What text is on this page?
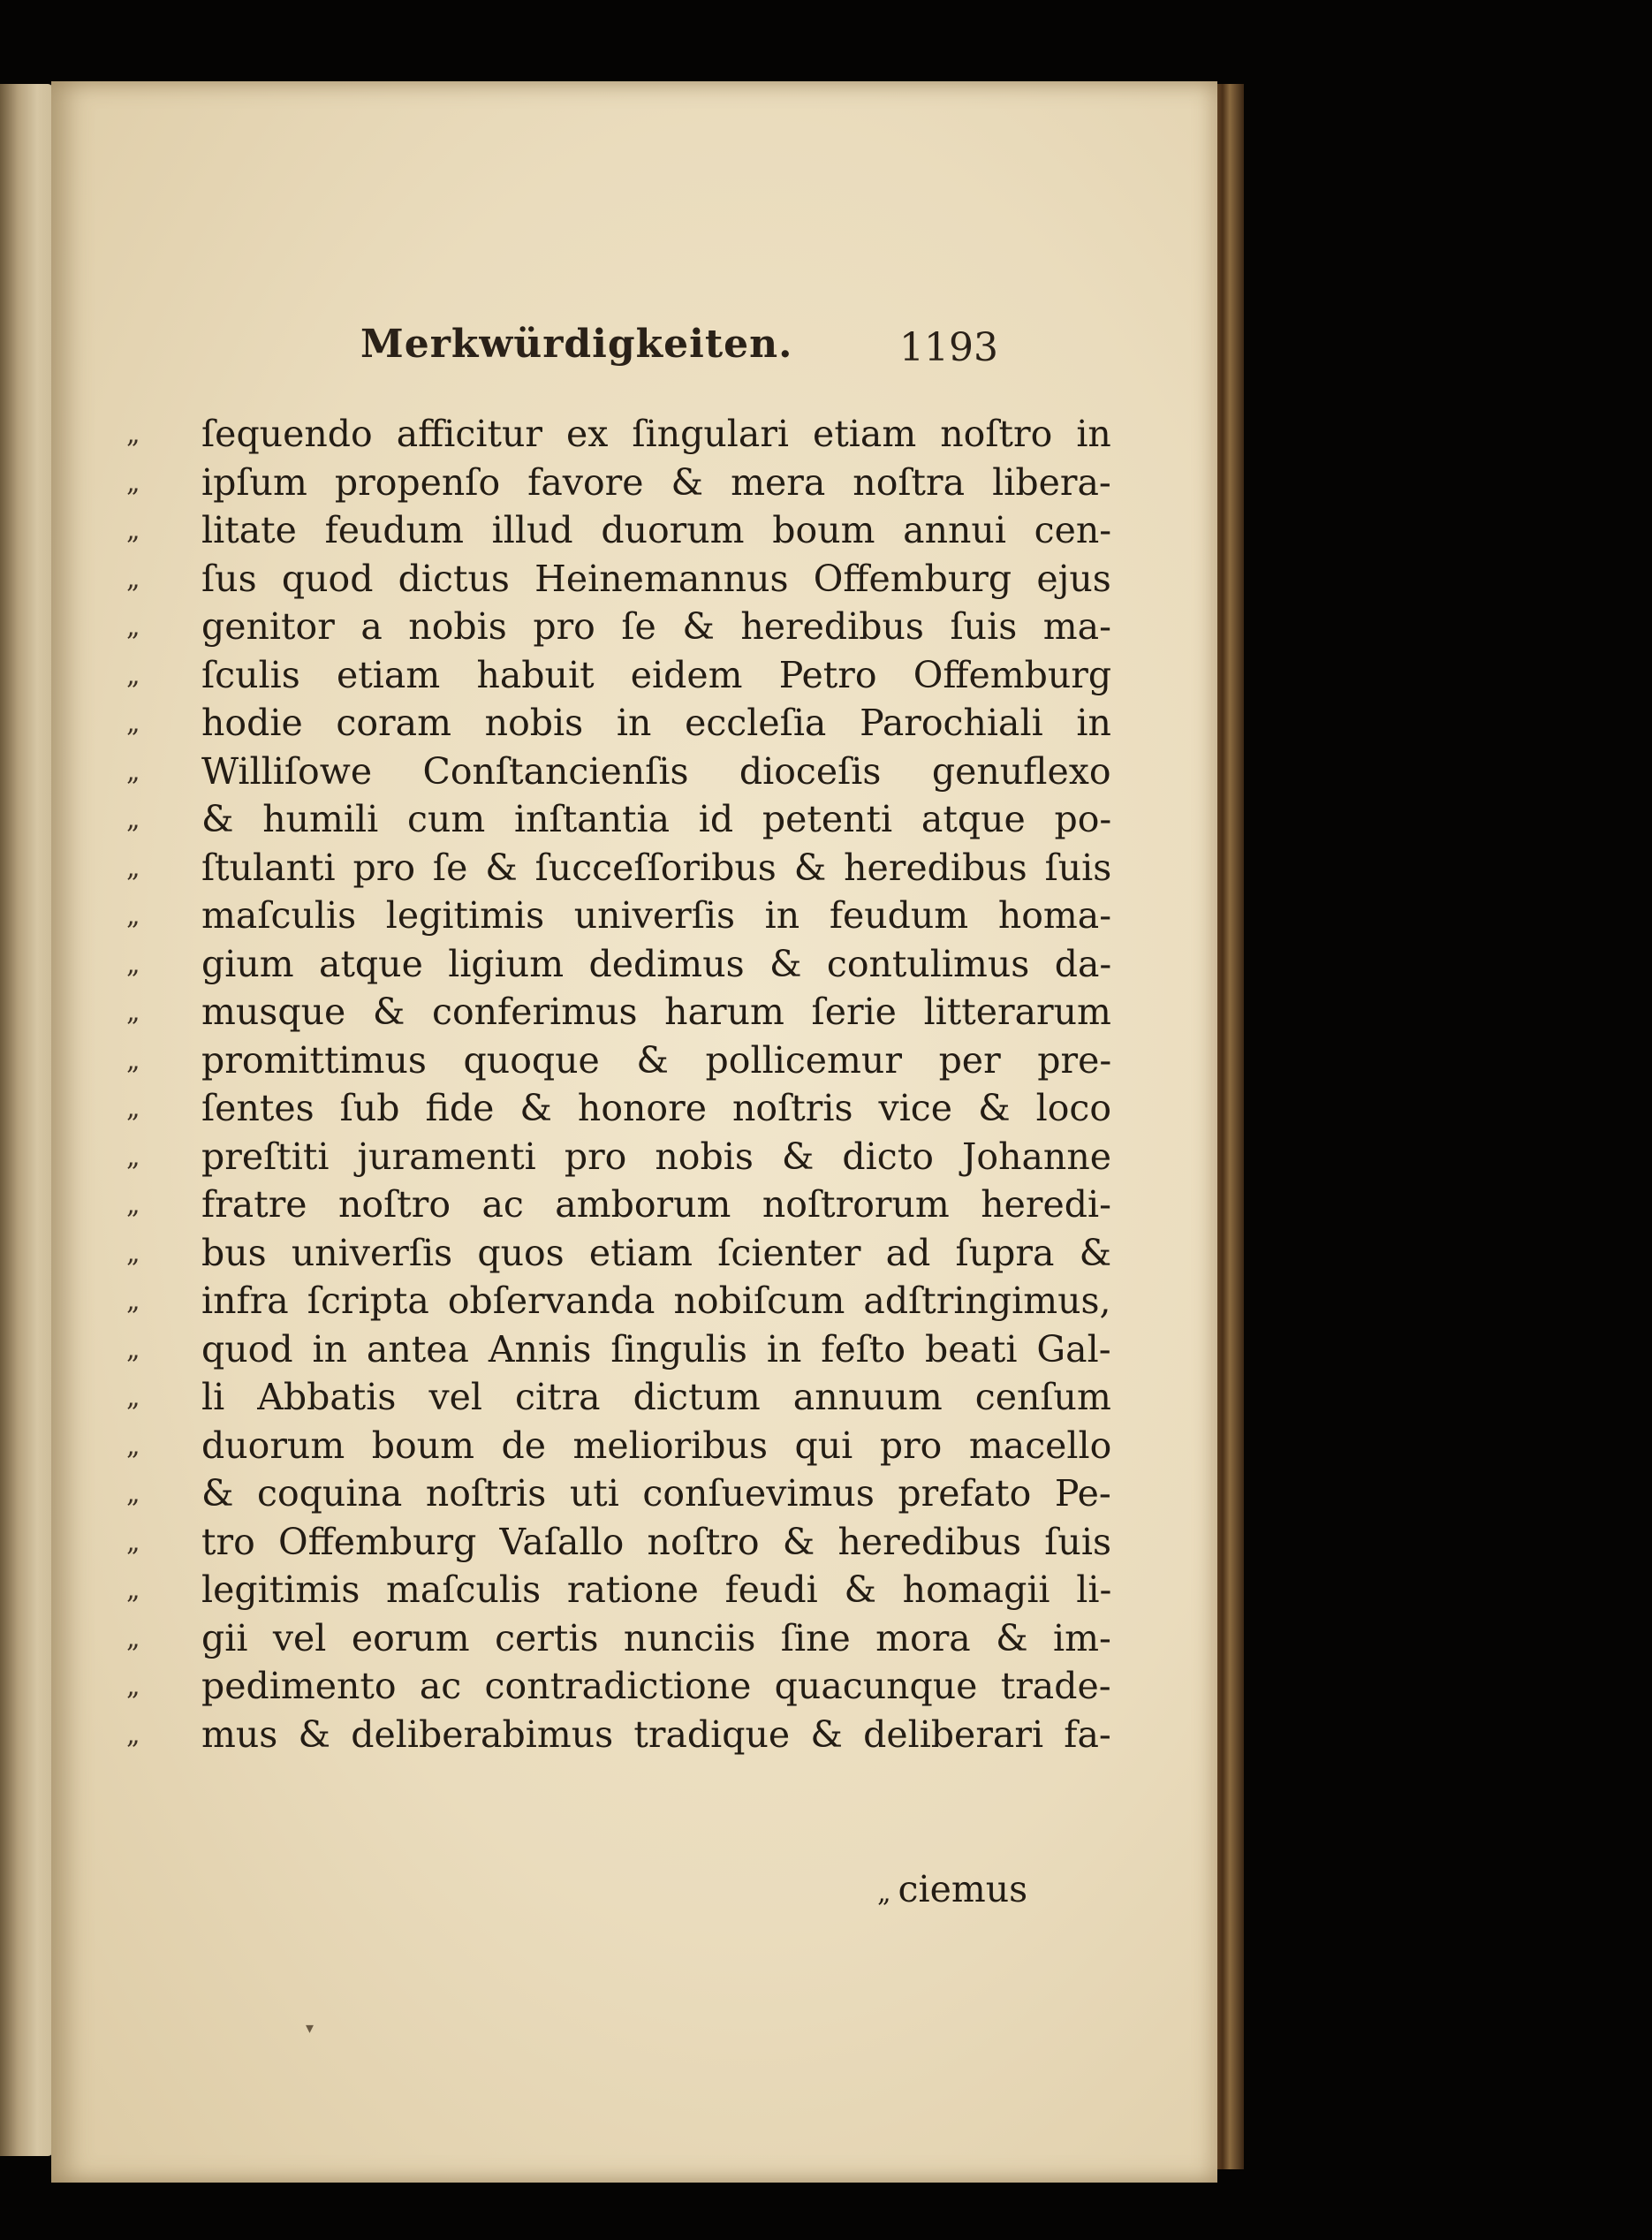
Merkwürdigkeiten.	1193
„	ſequendo afficitur ex ſingulari etiam noſtro in
„	ipſum propenſo favore & mera noſtra libera-
„	litate feudum illud duorum boum annui cen-
„	ſus quod dictus Heinemannus Offemburg ejus
„	genitor a nobis pro ſe & heredibus ſuis ma-
„	ſculis etiam habuit eidem Petro Offemburg
„	hodie coram nobis in eccleſia Parochiali in
„	Williſowe Conſtancienſis dioceſis genuflexo
„	& humili cum inſtantia id petenti atque po-
„	ſtulanti pro ſe & ſucceſſoribus & heredibus ſuis
„	maſculis legitimis univerſis in feudum homa-
„	gium atque ligium dedimus & contulimus da-
„	musque & conferimus harum ſerie litterarum
„	promittimus quoque & pollicemur per pre-
„	ſentes ſub fide & honore noſtris vice & loco
„	preſtiti juramenti pro nobis & dicto Johanne
„	fratre noſtro ac amborum noſtrorum heredi-
„	bus univerſis quos etiam ſcienter ad ſupra &
„	infra ſcripta obſervanda nobiſcum adſtringimus,
„	quod in antea Annis ſingulis in feſto beati Gal-
„	li Abbatis vel citra dictum annuum cenſum
„	duorum boum de melioribus qui pro macello
„	& coquina noſtris uti conſuevimus prefato Pe-
„	tro Offemburg Vaſallo noſtro & heredibus ſuis
„	legitimis maſculis ratione feudi & homagii li-
„	gii vel eorum certis nunciis ſine mora & im-
„	pedimento ac contradictione quacunque trade-
„	mus & deliberabimus tradique & deliberari fa-
„ ciemus
▾
